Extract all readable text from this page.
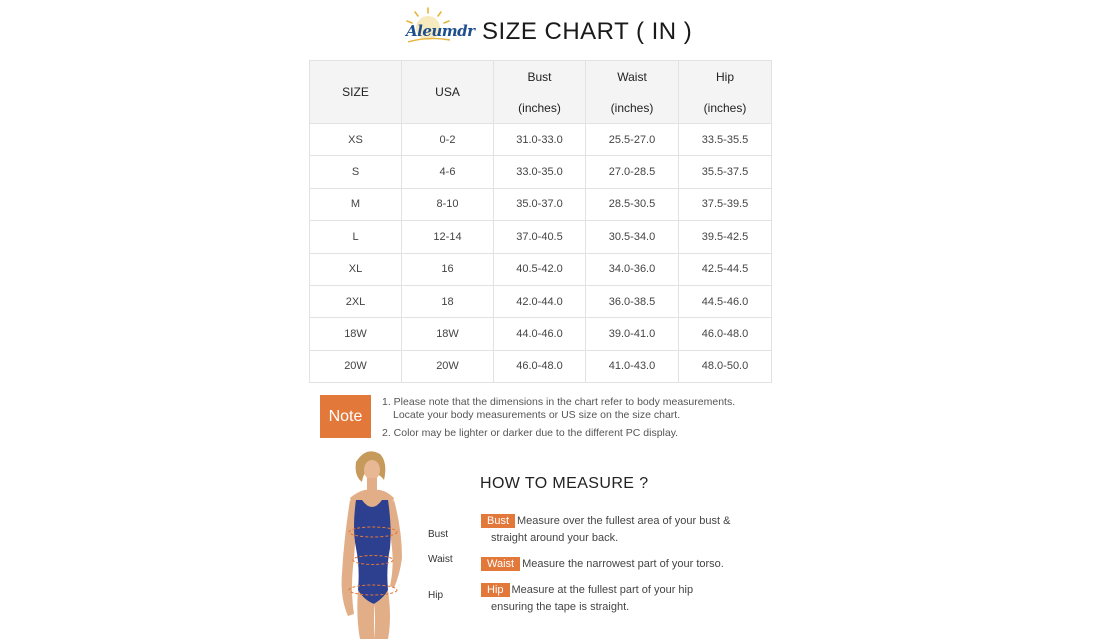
Aleumdr SIZE CHART ( IN )
SIZE	USA	Bust	Waist	Hip
		(inches)	(inches)	(inches)
XS	0-2	31.0-33.0	25.5-27.0	33.5-35.5
S	4-6	33.0-35.0	27.0-28.5	35.5-37.5
M	8-10	35.0-37.0	28.5-30.5	37.5-39.5
L	12-14	37.0-40.5	30.5-34.0	39.5-42.5
XL	16	40.5-42.0	34.0-36.0	42.5-44.5
2XL	18	42.0-44.0	36.0-38.5	44.5-46.0
18W	18W	44.0-46.0	39.0-41.0	46.0-48.0
20W	20W	46.0-48.0	41.0-43.0	48.0-50.0
Note
1. Please note that the dimensions in the chart refer to body measurements.
Locate your body measurements or US size on the size chart.
2. Color may be lighter or darker due to the different PC display.
Bust
Waist
Hip
HOW TO MEASURE ?
Bust Measure over the fullest area of your bust &
straight around your back.
Waist Measure the narrowest part of your torso.
Hip Measure at the fullest part of your hip
ensuring the tape is straight.
